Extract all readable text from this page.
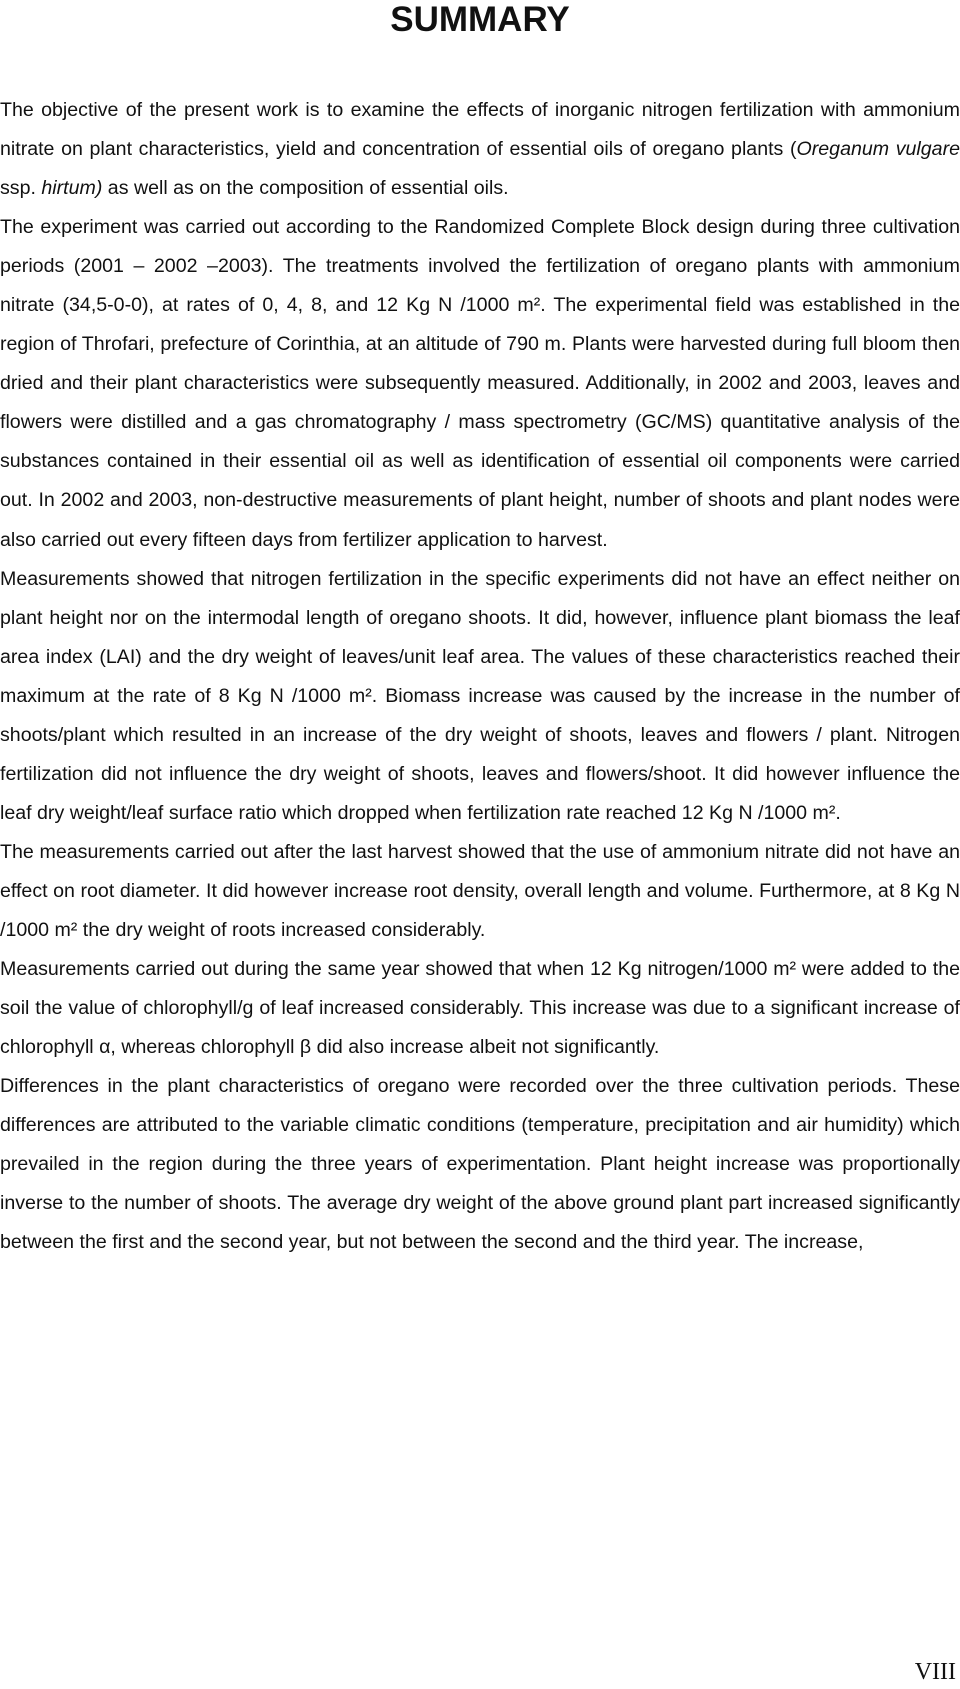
SUMMARY

The objective of the present work is to examine the effects of inorganic nitrogen fertilization with ammonium nitrate on plant characteristics, yield and concentration of essential oils of oregano plants (Oreganum vulgare ssp. hirtum) as well as on the composition of essential oils.

The experiment was carried out according to the Randomized Complete Block design during three cultivation periods (2001 – 2002 –2003). The treatments involved the fertilization of oregano plants with ammonium nitrate (34,5-0-0), at rates of 0, 4, 8, and 12 Kg N /1000 m². The experimental field was established in the region of Throfari, prefecture of Corinthia, at an altitude of 790 m. Plants were harvested during full bloom then dried and their plant characteristics were subsequently measured. Additionally, in 2002 and 2003, leaves and flowers were distilled and a gas chromatography / mass spectrometry (GC/MS) quantitative analysis of the substances contained in their essential oil as well as identification of essential oil components were carried out. In 2002 and 2003, non-destructive measurements of plant height, number of shoots and plant nodes were also carried out every fifteen days from fertilizer application to harvest.

Measurements showed that nitrogen fertilization in the specific experiments did not have an effect neither on plant height nor on the intermodal length of oregano shoots. It did, however, influence plant biomass the leaf area index (LAI) and the dry weight of leaves/unit leaf area. The values of these characteristics reached their maximum at the rate of 8 Kg N /1000 m². Biomass increase was caused by the increase in the number of shoots/plant which resulted in an increase of the dry weight of shoots, leaves and flowers / plant. Nitrogen fertilization did not influence the dry weight of shoots, leaves and flowers/shoot. It did however influence the leaf dry weight/leaf surface ratio which dropped when fertilization rate reached 12 Kg N /1000 m².

The measurements carried out after the last harvest showed that the use of ammonium nitrate did not have an effect on root diameter. It did however increase root density, overall length and volume. Furthermore, at 8 Kg N /1000 m² the dry weight of roots increased considerably.

Measurements carried out during the same year showed that when 12 Kg nitrogen/1000 m² were added to the soil the value of chlorophyll/g of leaf increased considerably. This increase was due to a significant increase of chlorophyll α, whereas chlorophyll β did also increase albeit not significantly.

Differences in the plant characteristics of oregano were recorded over the three cultivation periods. These differences are attributed to the variable climatic conditions (temperature, precipitation and air humidity) which prevailed in the region during the three years of experimentation. Plant height increase was proportionally inverse to the number of shoots. The average dry weight of the above ground plant part increased significantly between the first and the second year, but not between the second and the third year. The increase,

VIII
